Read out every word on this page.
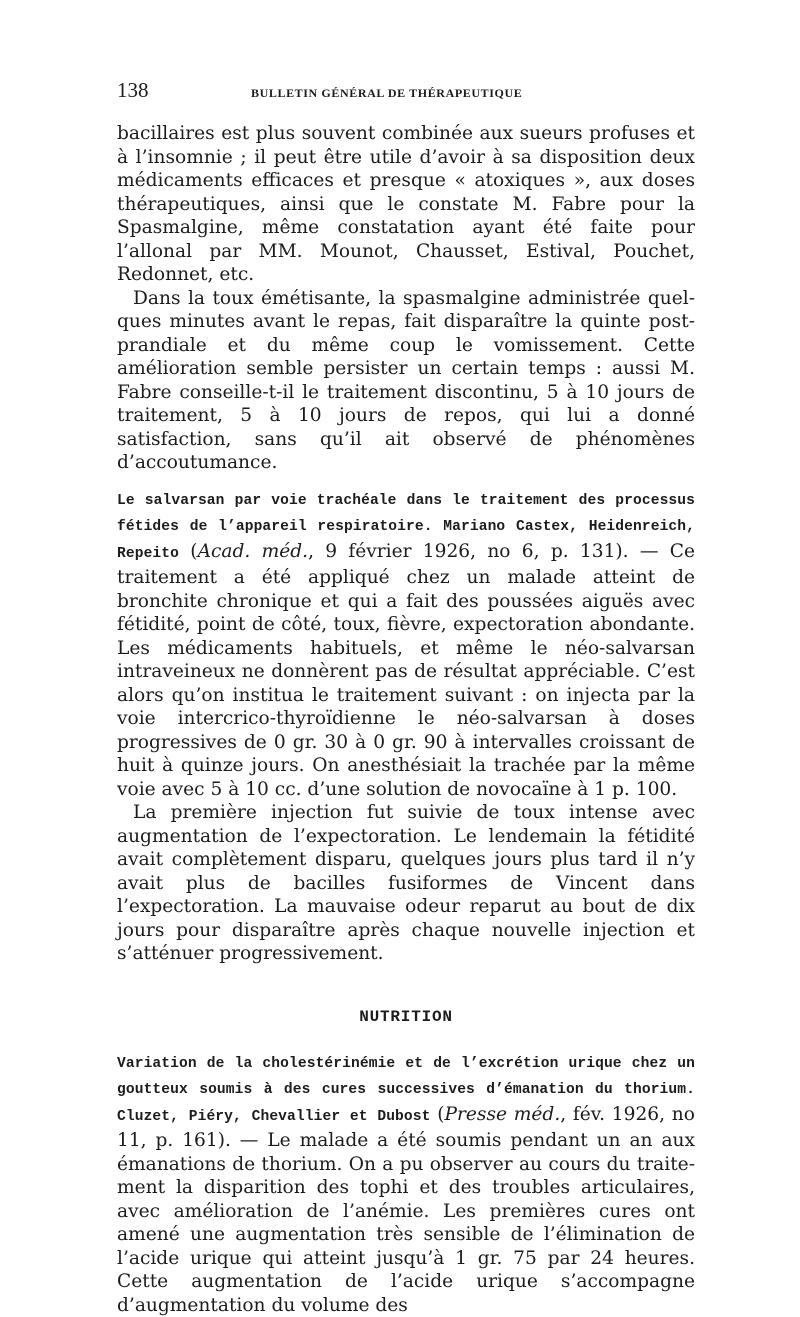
138	BULLETIN GÉNÉRAL DE THÉRAPEUTIQUE

bacillaires est plus souvent combinée aux sueurs profuses et à l’insomnie ; il peut être utile d’avoir à sa disposition deux médicaments efficaces et presque « atoxiques », aux doses thérapeutiques, ainsi que le constate M. Fabre pour la Spasmalgine, même constatation ayant été faite pour l’allonal par MM. Mounot, Chausset, Estival, Pouchet, Redonnet, etc.

Dans la toux émétisante, la spasmalgine administrée quelques minutes avant le repas, fait disparaître la quinte postprandiale et du même coup le vomissement. Cette amélioration semble persister un certain temps : aussi M. Fabre conseille-t-il le traitement discontinu, 5 à 10 jours de traitement, 5 à 10 jours de repos, qui lui a donné satisfaction, sans qu’il ait observé de phénomènes d’accoutumance.

Le salvarsan par voie trachéale dans le traitement des processus fétides de l’appareil respiratoire. Mariano Castex, Heidenreich, Repeito (Acad. méd., 9 février 1926, no 6, p. 131). — Ce traitement a été appliqué chez un malade atteint de bronchite chronique et qui a fait des poussées aiguës avec fétidité, point de côté, toux, fièvre, expectoration abondante. Les médicaments habituels, et même le néo-salvarsan intraveineux ne donnèrent pas de résultat appréciable. C’est alors qu’on institua le traitement suivant : on injecta par la voie intercrico-thyroïdienne le néo-salvarsan à doses progressives de 0 gr. 30 à 0 gr. 90 à intervalles croissant de huit à quinze jours. On anesthésiait la trachée par la même voie avec 5 à 10 cc. d’une solution de novocaïne à 1 p. 100.

La première injection fut suivie de toux intense avec augmentation de l’expectoration. Le lendemain la fétidité avait complètement disparu, quelques jours plus tard il n’y avait plus de bacilles fusiformes de Vincent dans l’expectoration. La mauvaise odeur reparut au bout de dix jours pour disparaître après chaque nouvelle injection et s’atténuer progressivement.

NUTRITION

Variation de la cholestérinémie et de l’excrétion urique chez un goutteux soumis à des cures successives d’émanation du thorium. Cluzet, Piéry, Chevallier et Dubost (Presse méd., fév. 1926, no 11, p. 161). — Le malade a été soumis pendant un an aux émanations de thorium. On a pu observer au cours du traitement la disparition des tophi et des troubles articulaires, avec amélioration de l’anémie. Les premières cures ont amené une augmentation très sensible de l’élimination de l’acide urique qui atteint jusqu’à 1 gr. 75 par 24 heures. Cette augmentation de l’acide urique s’accompagne d’augmentation du volume des
